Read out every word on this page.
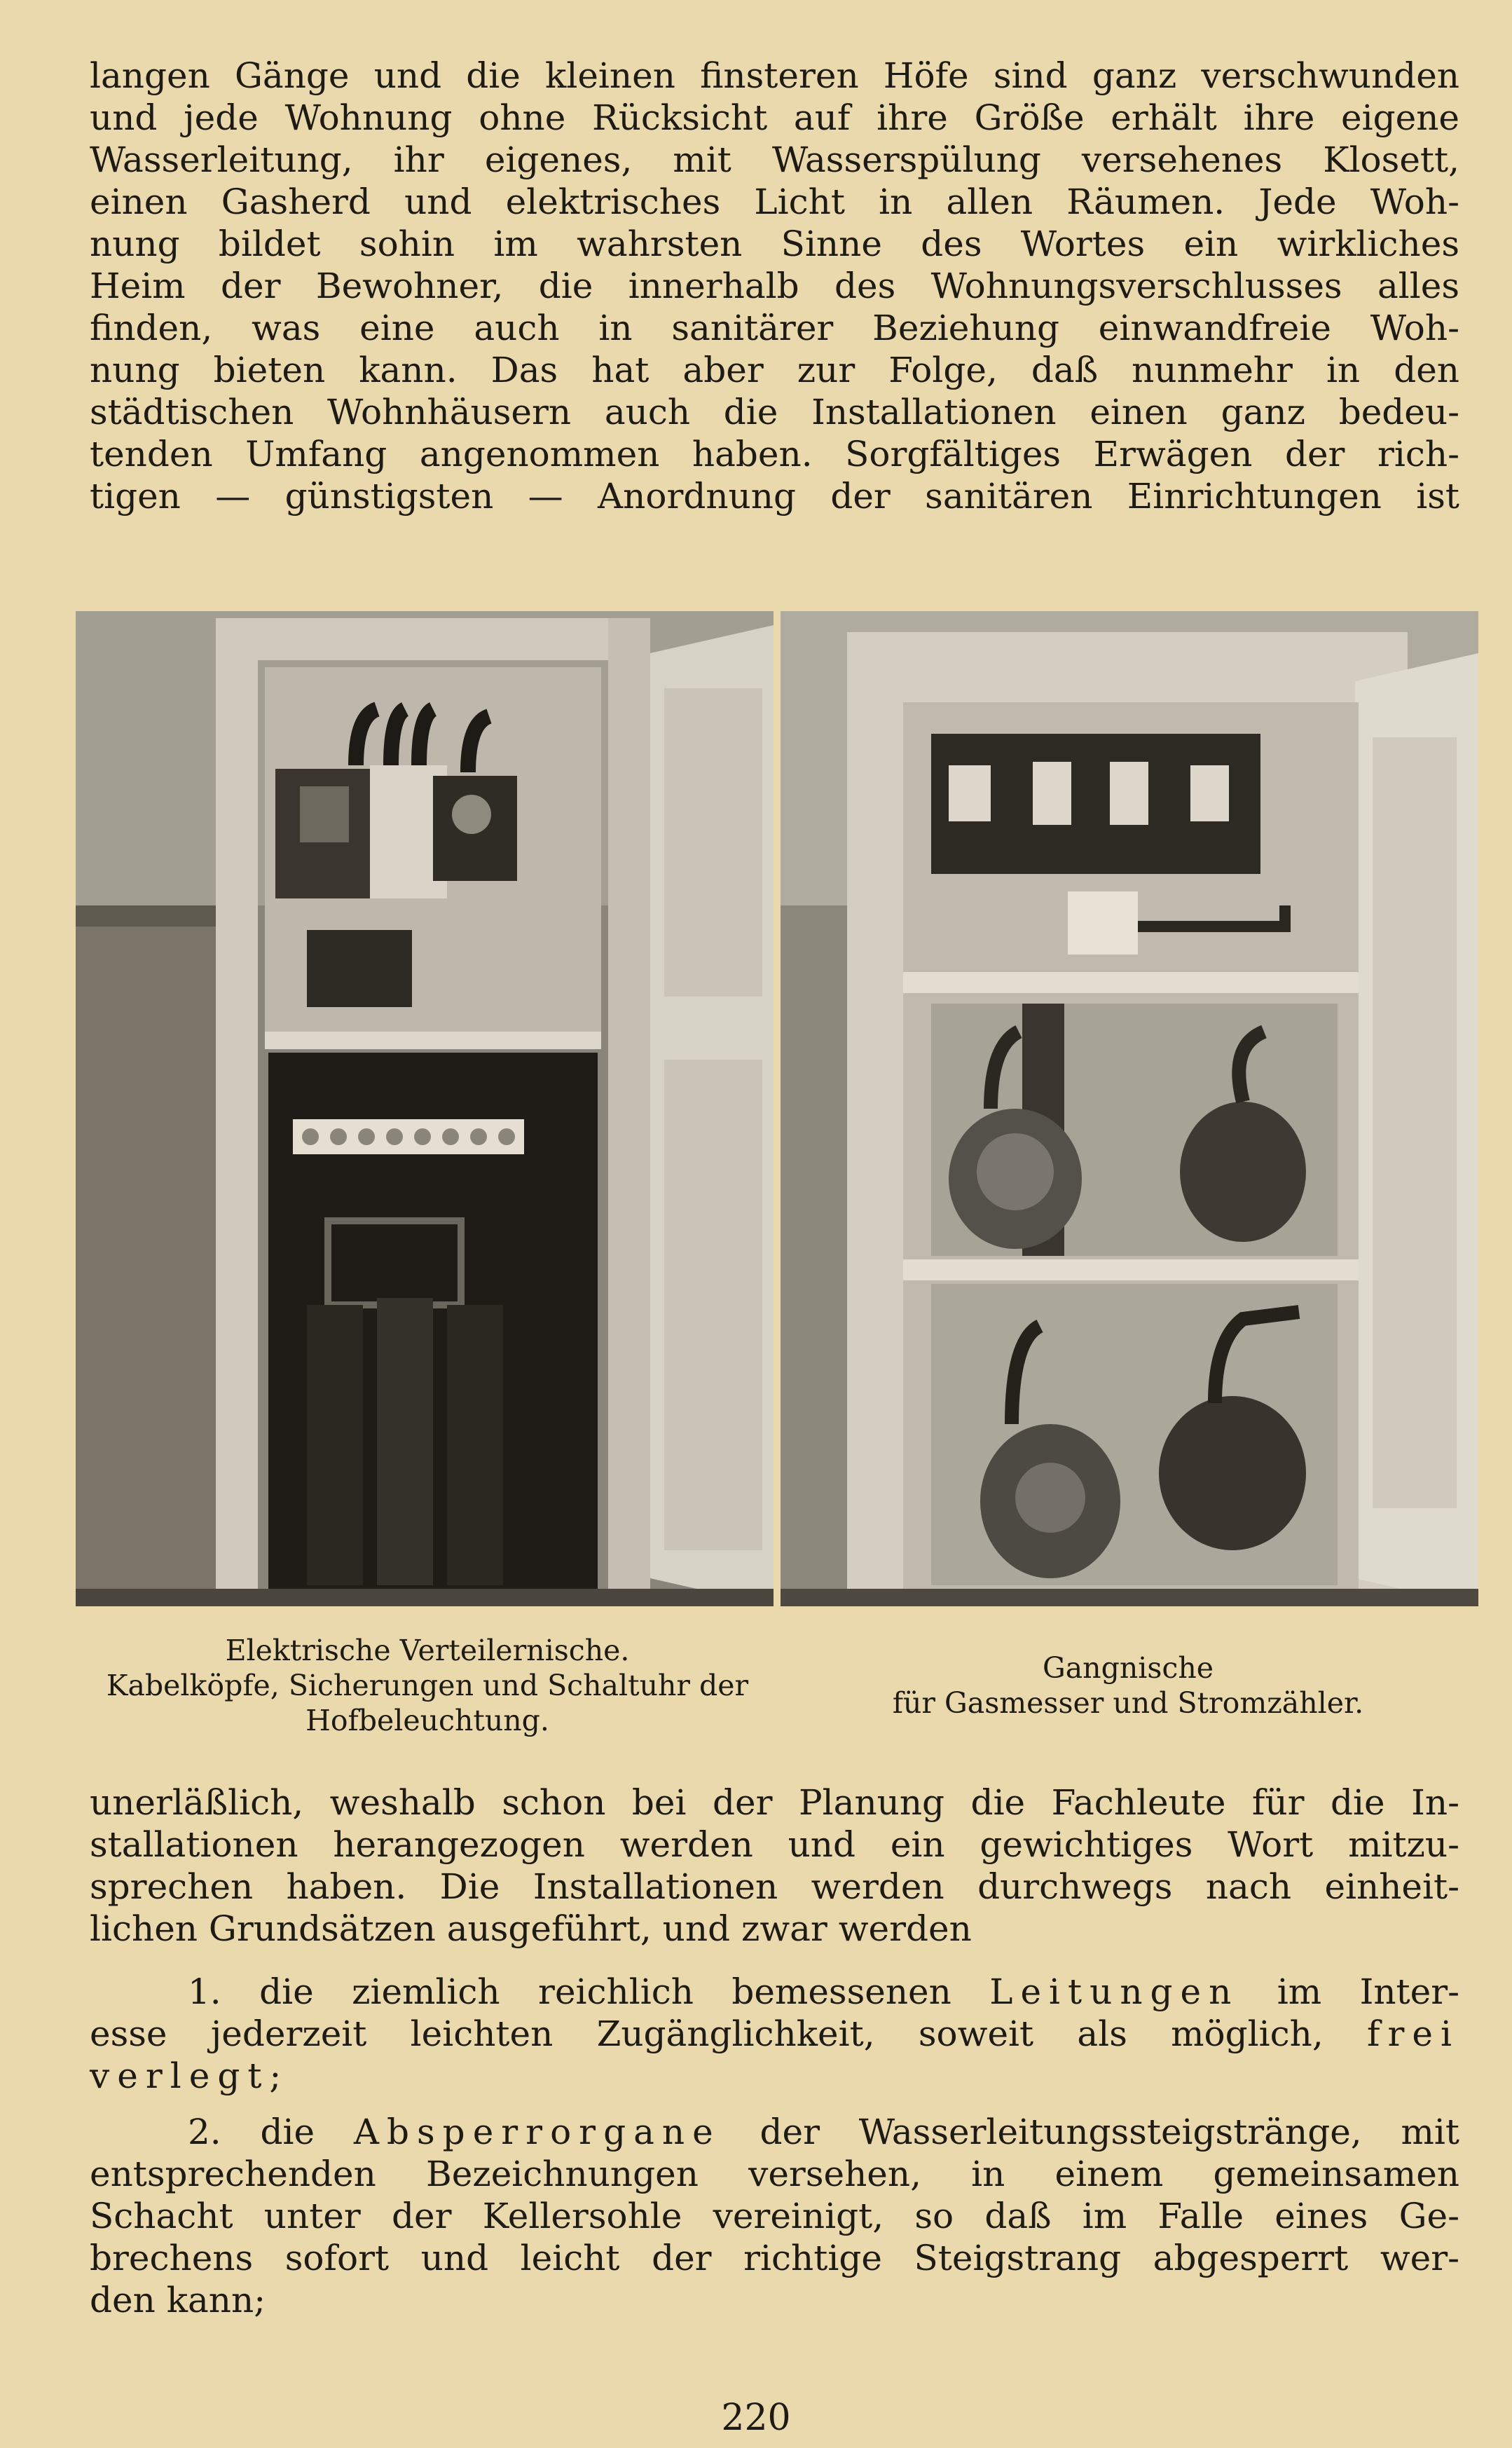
langen Gänge und die kleinen finsteren Höfe sind ganz verschwunden
und jede Wohnung ohne Rücksicht auf ihre Größe erhält ihre eigene
Wasserleitung, ihr eigenes, mit Wasserspülung versehenes Klosett,
einen Gasherd und elektrisches Licht in allen Räumen. Jede Woh-
nung bildet sohin im wahrsten Sinne des Wortes ein wirkliches
Heim der Bewohner, die innerhalb des Wohnungsverschlusses alles
finden, was eine auch in sanitärer Beziehung einwandfreie Woh-
nung bieten kann. Das hat aber zur Folge, daß nunmehr in den
städtischen Wohnhäusern auch die Installationen einen ganz bedeu-
tenden Umfang angenommen haben. Sorgfältiges Erwägen der rich-
tigen — günstigsten — Anordnung der sanitären Einrichtungen ist

Elektrische Verteilernische.
Kabelköpfe, Sicherungen und Schaltuhr der
Hofbeleuchtung.

Gangnische
für Gasmesser und Stromzähler.

unerläßlich, weshalb schon bei der Planung die Fachleute für die In-
stallationen herangezogen werden und ein gewichtiges Wort mitzu-
sprechen haben. Die Installationen werden durchwegs nach einheit-
lichen Grundsätzen ausgeführt, und zwar werden

1. die ziemlich reichlich bemessenen Leitungen im Inter-
esse jederzeit leichten Zugänglichkeit, soweit als möglich, frei
verlegt;

2. die Absperrorgane der Wasserleitungssteigstränge, mit
entsprechenden Bezeichnungen versehen, in einem gemeinsamen
Schacht unter der Kellersohle vereinigt, so daß im Falle eines Ge-
brechens sofort und leicht der richtige Steigstrang abgesperrt wer-
den kann;

220
